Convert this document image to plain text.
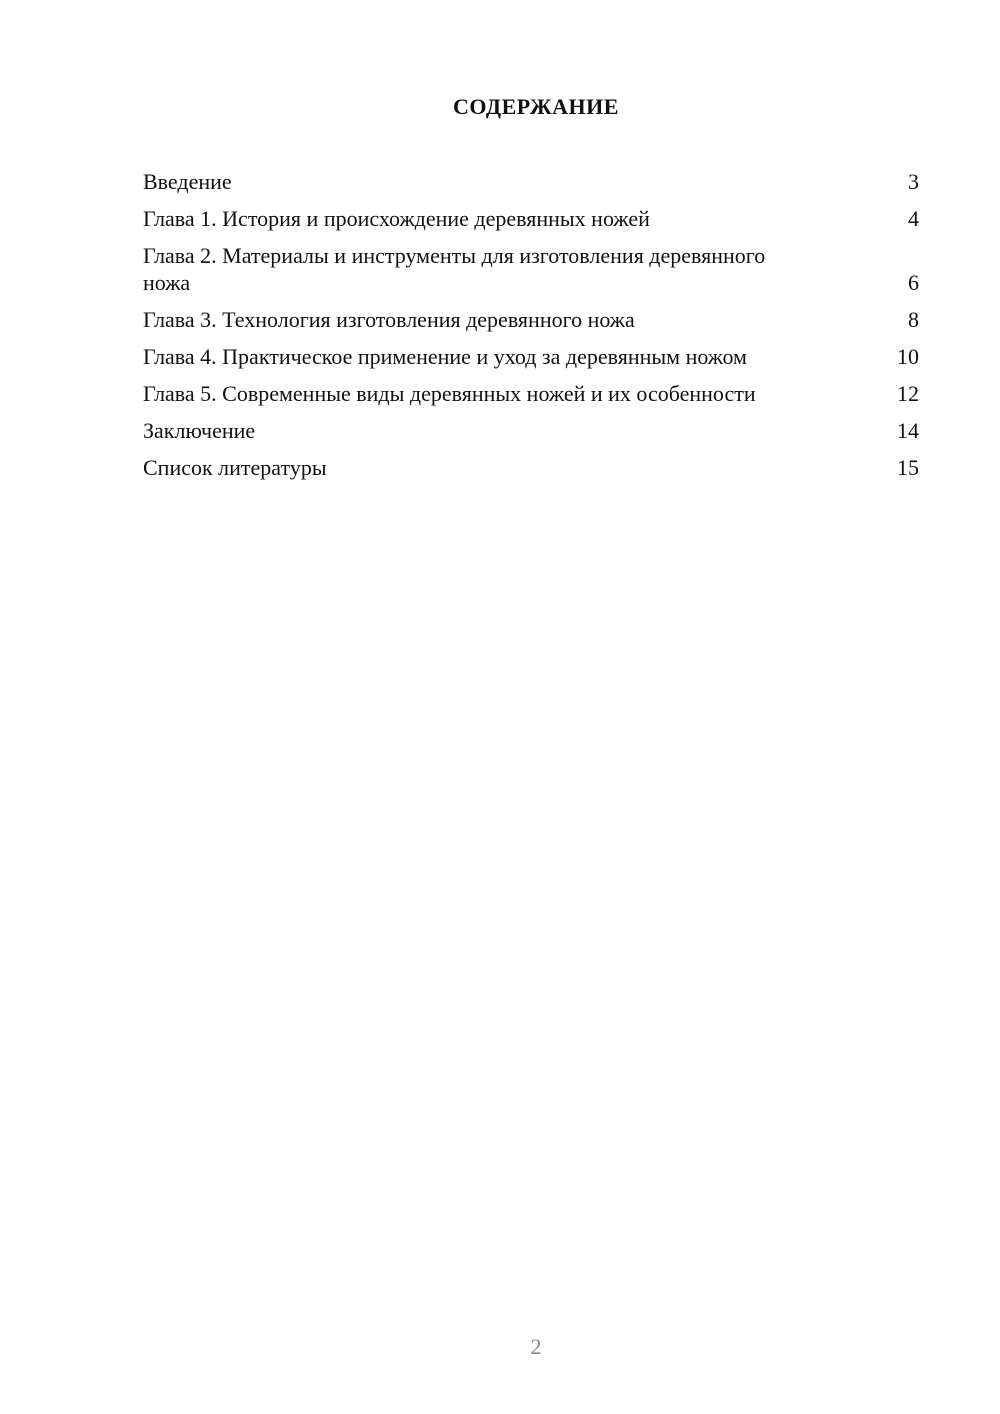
СОДЕРЖАНИЕ
Введение	3
Глава 1. История и происхождение деревянных ножей	4
Глава 2. Материалы и инструменты для изготовления деревянного ножа	6
Глава 3. Технология изготовления деревянного ножа	8
Глава 4. Практическое применение и уход за деревянным ножом	10
Глава 5. Современные виды деревянных ножей и их особенности	12
Заключение	14
Список литературы	15
2
